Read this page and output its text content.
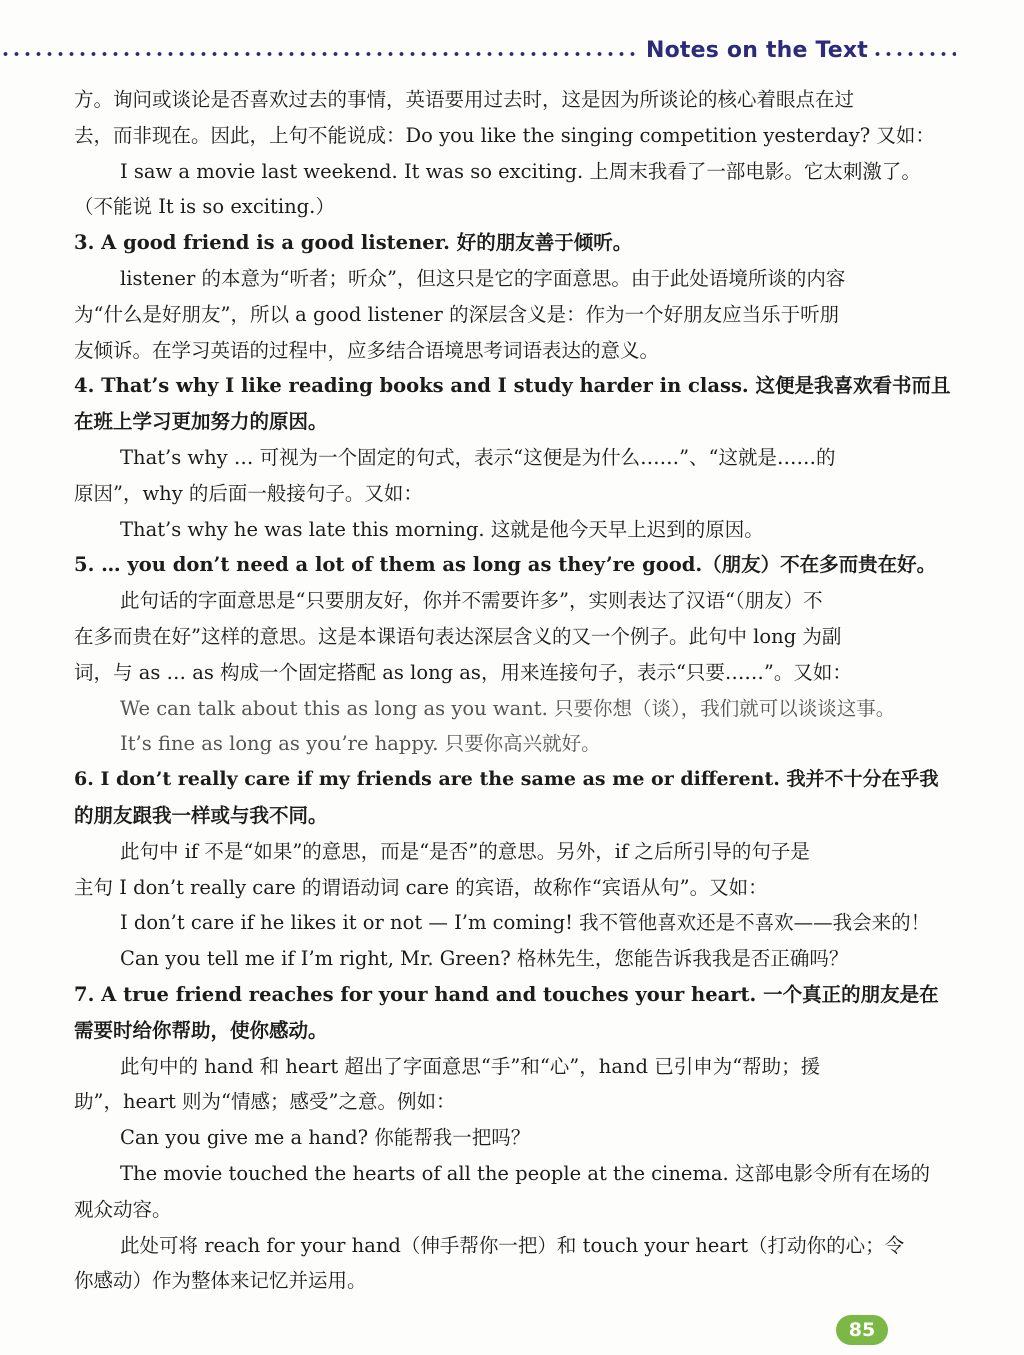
Notes on the Text
方。询问或谈论是否喜欢过去的事情，英语要用过去时，这是因为所谈论的核心着眼点在过
去，而非现在。因此，上句不能说成：Do you like the singing competition yesterday? 又如：
I saw a movie last weekend. It was so exciting. 上周末我看了一部电影。它太刺激了。
（不能说 It is so exciting.）
3. A good friend is a good listener. 好的朋友善于倾听。
listener 的本意为“听者；听众”，但这只是它的字面意思。由于此处语境所谈的内容
为“什么是好朋友”，所以 a good listener 的深层含义是：作为一个好朋友应当乐于听朋
友倾诉。在学习英语的过程中，应多结合语境思考词语表达的意义。
4. That’s why I like reading books and I study harder in class. 这便是我喜欢看书而且
在班上学习更加努力的原因。
That’s why … 可视为一个固定的句式，表示“这便是为什么……”、“这就是……的
原因”，why 的后面一般接句子。又如：
That’s why he was late this morning. 这就是他今天早上迟到的原因。
5. … you don’t need a lot of them as long as they’re good.（朋友）不在多而贵在好。
此句话的字面意思是“只要朋友好，你并不需要许多”，实则表达了汉语“（朋友）不
在多而贵在好”这样的意思。这是本课语句表达深层含义的又一个例子。此句中 long 为副
词，与 as … as 构成一个固定搭配 as long as，用来连接句子，表示“只要……”。又如：
We can talk about this as long as you want. 只要你想（谈），我们就可以谈谈这事。
It’s fine as long as you’re happy. 只要你高兴就好。
6. I don’t really care if my friends are the same as me or different. 我并不十分在乎我
的朋友跟我一样或与我不同。
此句中 if 不是“如果”的意思，而是“是否”的意思。另外，if 之后所引导的句子是
主句 I don’t really care 的谓语动词 care 的宾语，故称作“宾语从句”。又如：
I don’t care if he likes it or not — I’m coming! 我不管他喜欢还是不喜欢——我会来的！
Can you tell me if I’m right, Mr. Green? 格林先生，您能告诉我我是否正确吗？
7. A true friend reaches for your hand and touches your heart. 一个真正的朋友是在
需要时给你帮助，使你感动。
此句中的 hand 和 heart 超出了字面意思“手”和“心”，hand 已引申为“帮助；援
助”，heart 则为“情感；感受”之意。例如：
Can you give me a hand? 你能帮我一把吗？
The movie touched the hearts of all the people at the cinema. 这部电影令所有在场的
观众动容。
此处可将 reach for your hand（伸手帮你一把）和 touch your heart（打动你的心；令
你感动）作为整体来记忆并运用。
85
